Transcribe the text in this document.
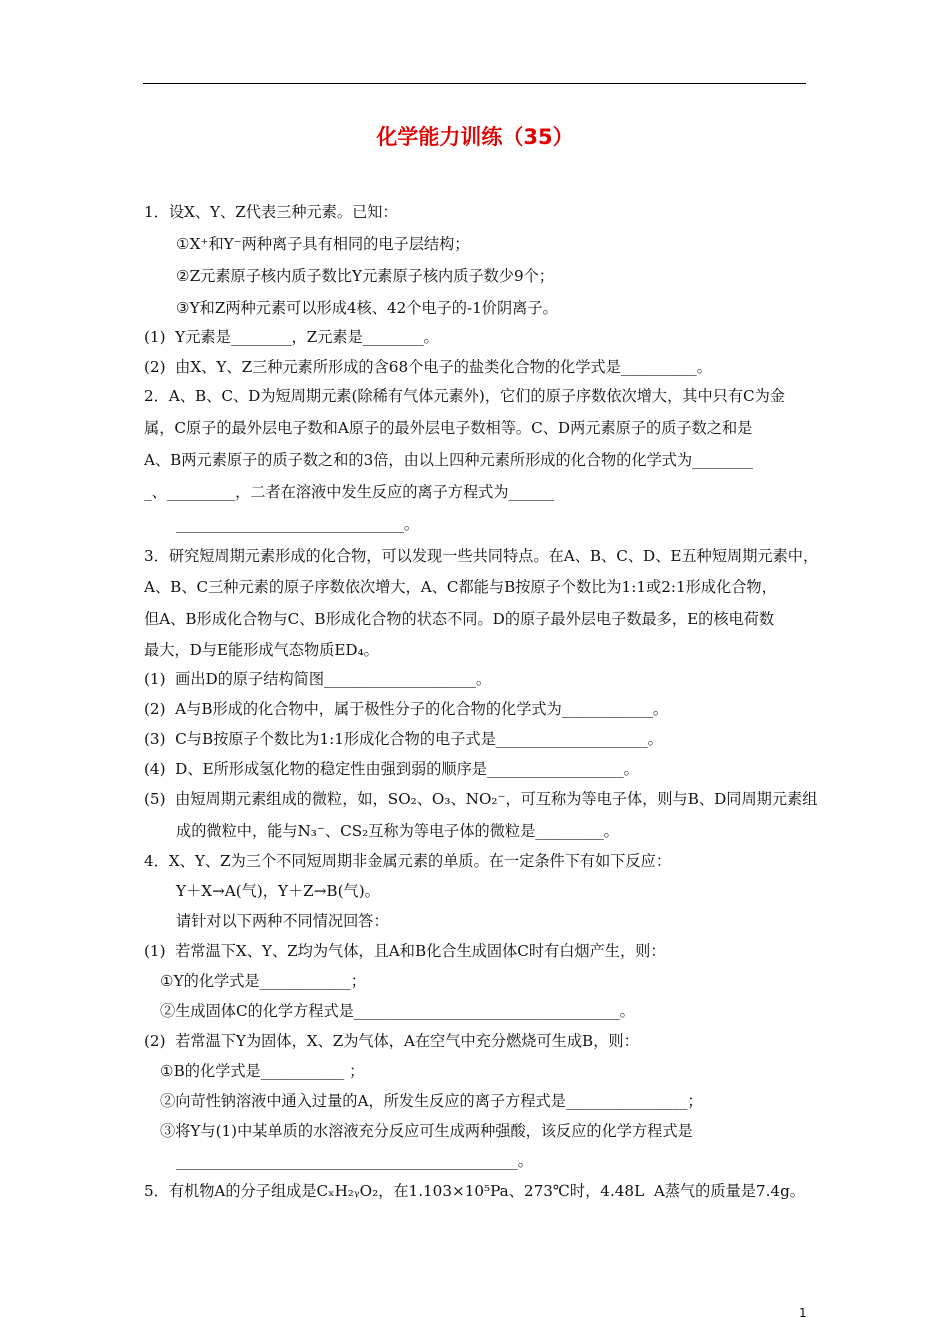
化学能力训练（35）
1．设X、Y、Z代表三种元素。已知：
①X⁺和Y⁻两种离子具有相同的电子层结构；
②Z元素原子核内质子数比Y元素原子核内质子数少9个；
③Y和Z两种元素可以形成4核、42个电子的-1价阴离子。
(1)  Y元素是________，Z元素是________。
(2)  由X、Y、Z三种元素所形成的含68个电子的盐类化合物的化学式是__________。
2．A、B、C、D为短周期元素(除稀有气体元素外)，它们的原子序数依次增大，其中只有C为金
属，C原子的最外层电子数和A原子的最外层电子数相等。C、D两元素原子的质子数之和是
A、B两元素原子的质子数之和的3倍，由以上四种元素所形成的化合物的化学式为________
_、_________，二者在溶液中发生反应的离子方程式为______
______________________________。
3．研究短周期元素形成的化合物，可以发现一些共同特点。在A、B、C、D、E五种短周期元素中，
A、B、C三种元素的原子序数依次增大，A、C都能与B按原子个数比为1:1或2:1形成化合物，
但A、B形成化合物与C、B形成化合物的状态不同。D的原子最外层电子数最多，E的核电荷数
最大，D与E能形成气态物质ED₄。
(1)  画出D的原子结构简图____________________。
(2)  A与B形成的化合物中，属于极性分子的化合物的化学式为____________。
(3)  C与B按原子个数比为1:1形成化合物的电子式是____________________。
(4)  D、E所形成氢化物的稳定性由强到弱的顺序是__________________。
(5)  由短周期元素组成的微粒，如，SO₂、O₃、NO₂⁻，可互称为等电子体，则与B、D同周期元素组
成的微粒中，能与N₃⁻、CS₂互称为等电子体的微粒是_________。
4．X、Y、Z为三个不同短周期非金属元素的单质。在一定条件下有如下反应：
Y＋X→A(气)，Y＋Z→B(气)。
请针对以下两种不同情况回答：
(1)  若常温下X、Y、Z均为气体，且A和B化合生成固体C时有白烟产生，则：
①Y的化学式是____________；
②生成固体C的化学方程式是___________________________________。
(2)  若常温下Y为固体，X、Z为气体，A在空气中充分燃烧可生成B，则：
①B的化学式是___________ ；
②向苛性钠溶液中通入过量的A，所发生反应的离子方程式是________________；
③将Y与(1)中某单质的水溶液充分反应可生成两种强酸，该反应的化学方程式是
_____________________________________________。
5．有机物A的分子组成是CₓH₂ᵧO₂，在1.103×10⁵Pa、273℃时，4.48L  A蒸气的质量是7.4g。
1
